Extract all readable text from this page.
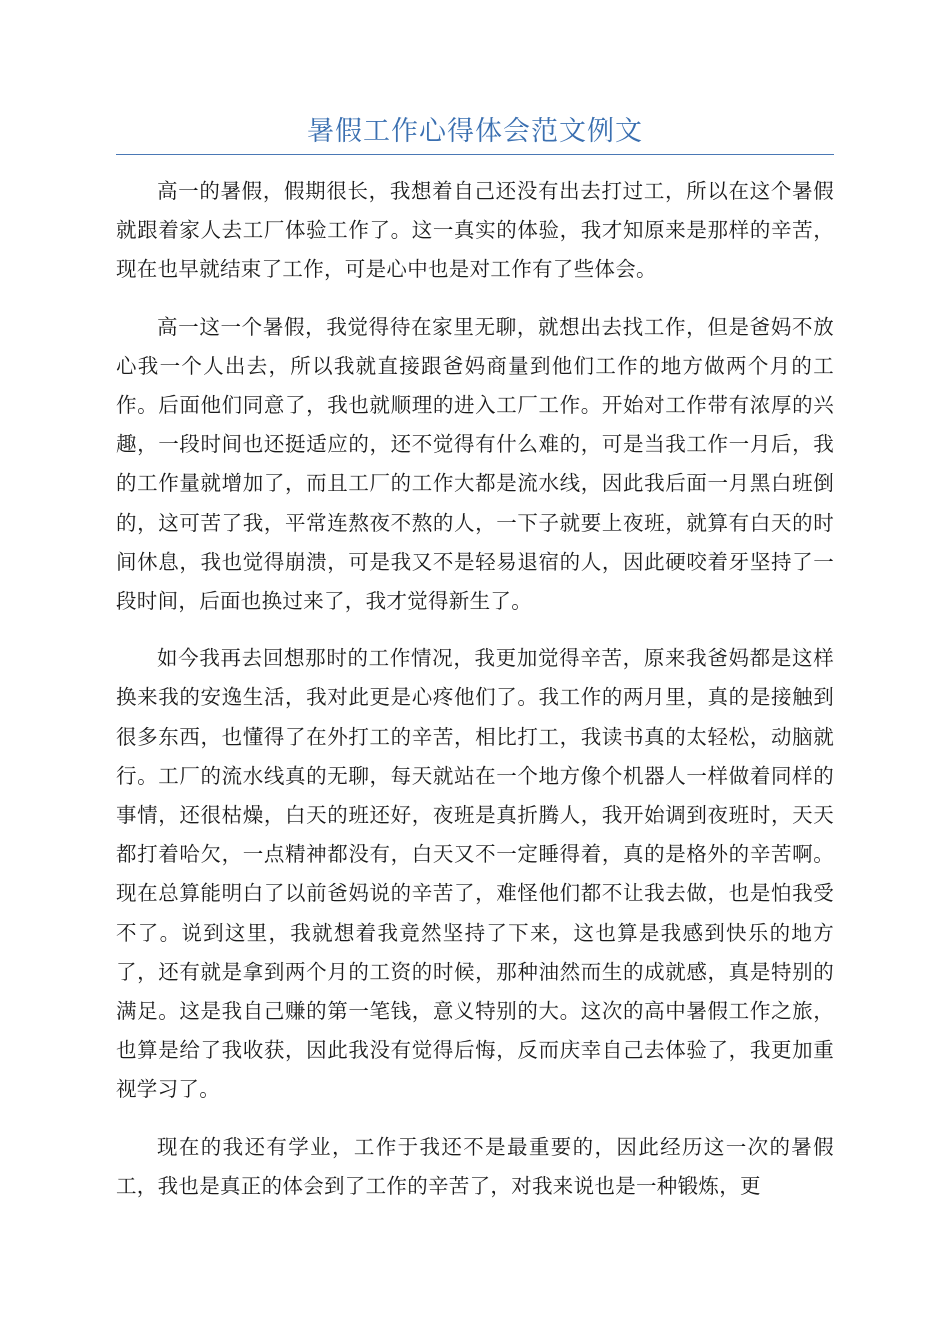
暑假工作心得体会范文例文

高一的暑假，假期很长，我想着自己还没有出去打过工，所以在这个暑假就跟着家人去工厂体验工作了。这一真实的体验，我才知原来是那样的辛苦，现在也早就结束了工作，可是心中也是对工作有了些体会。

高一这一个暑假，我觉得待在家里无聊，就想出去找工作，但是爸妈不放心我一个人出去，所以我就直接跟爸妈商量到他们工作的地方做两个月的工作。后面他们同意了，我也就顺理的进入工厂工作。开始对工作带有浓厚的兴趣，一段时间也还挺适应的，还不觉得有什么难的，可是当我工作一月后，我的工作量就增加了，而且工厂的工作大都是流水线，因此我后面一月黑白班倒的，这可苦了我，平常连熬夜不熬的人，一下子就要上夜班，就算有白天的时间休息，我也觉得崩溃，可是我又不是轻易退宿的人，因此硬咬着牙坚持了一段时间，后面也换过来了，我才觉得新生了。

如今我再去回想那时的工作情况，我更加觉得辛苦，原来我爸妈都是这样换来我的安逸生活，我对此更是心疼他们了。我工作的两月里，真的是接触到很多东西，也懂得了在外打工的辛苦，相比打工，我读书真的太轻松，动脑就行。工厂的流水线真的无聊，每天就站在一个地方像个机器人一样做着同样的事情，还很枯燥，白天的班还好，夜班是真折腾人，我开始调到夜班时，天天都打着哈欠，一点精神都没有，白天又不一定睡得着，真的是格外的辛苦啊。现在总算能明白了以前爸妈说的辛苦了，难怪他们都不让我去做，也是怕我受不了。说到这里，我就想着我竟然坚持了下来，这也算是我感到快乐的地方了，还有就是拿到两个月的工资的时候，那种油然而生的成就感，真是特别的满足。这是我自己赚的第一笔钱，意义特别的大。这次的高中暑假工作之旅，也算是给了我收获，因此我没有觉得后悔，反而庆幸自己去体验了，我更加重视学习了。

现在的我还有学业，工作于我还不是最重要的，因此经历这一次的暑假工，我也是真正的体会到了工作的辛苦了，对我来说也是一种锻炼，更
